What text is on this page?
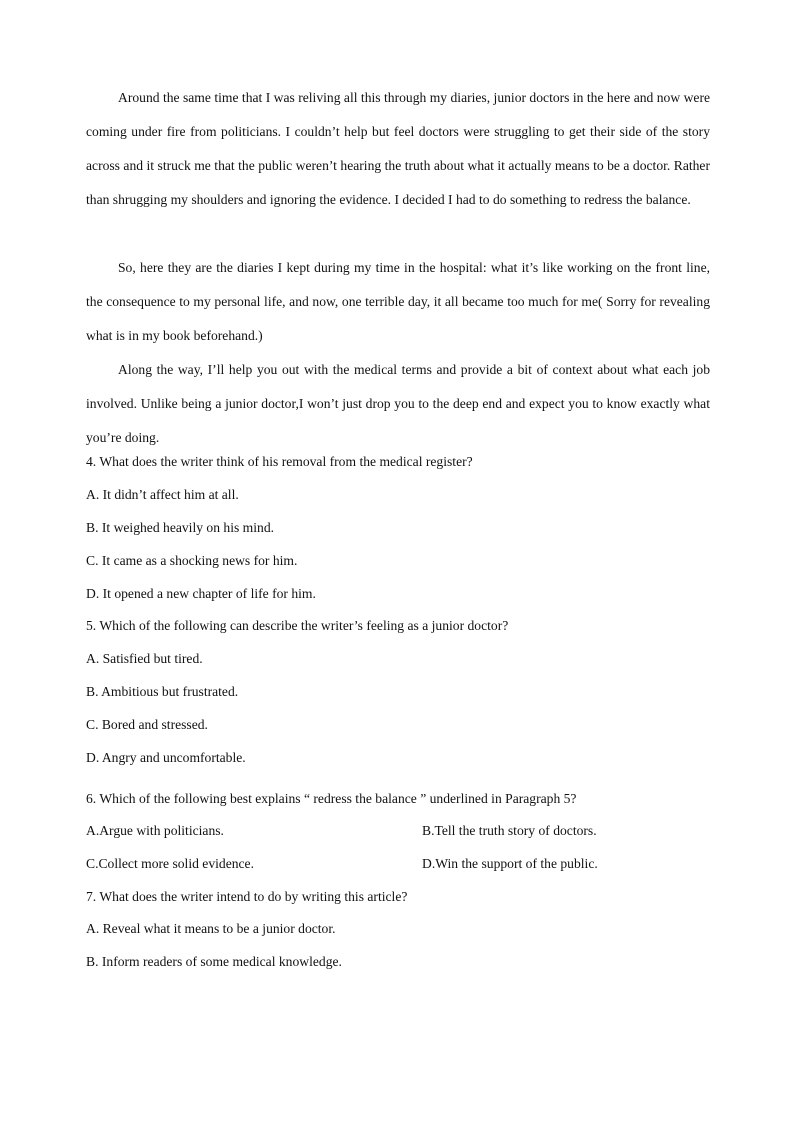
Around the same time that I was reliving all this through my diaries, junior doctors in the here and now were coming under fire from politicians. I couldn’t help but feel doctors were struggling to get their side of the story across and it struck me that the public weren’t hearing the truth about what it actually means to be a doctor. Rather than shrugging my shoulders and ignoring the evidence. I decided I had to do something to redress the balance.

So, here they are the diaries I kept during my time in the hospital: what it’s like working on the front line, the consequence to my personal life, and now, one terrible day, it all became too much for me( Sorry for revealing what is in my book beforehand.)

Along the way, I’ll help you out with the medical terms and provide a bit of context about what each job involved. Unlike being a junior doctor,I won’t just drop you to the deep end and expect you to know exactly what you’re doing.

4. What does the writer think of his removal from the medical register?

A. It didn’t affect him at all.

B. It weighed heavily on his mind.

C. It came as a shocking news for him.

D. It opened a new chapter of life for him.

5. Which of the following can describe the writer’s feeling as a junior doctor?

A. Satisfied but tired.

B. Ambitious but frustrated.

C. Bored and stressed.

D. Angry and uncomfortable.

6. Which of the following best explains “ redress the balance ” underlined in Paragraph 5?

A.Argue with politicians.	B.Tell the truth story of doctors.

C.Collect more solid evidence.	D.Win the support of the public.

7. What does the writer intend to do by writing this article?

A. Reveal what it means to be a junior doctor.

B. Inform readers of some medical knowledge.
